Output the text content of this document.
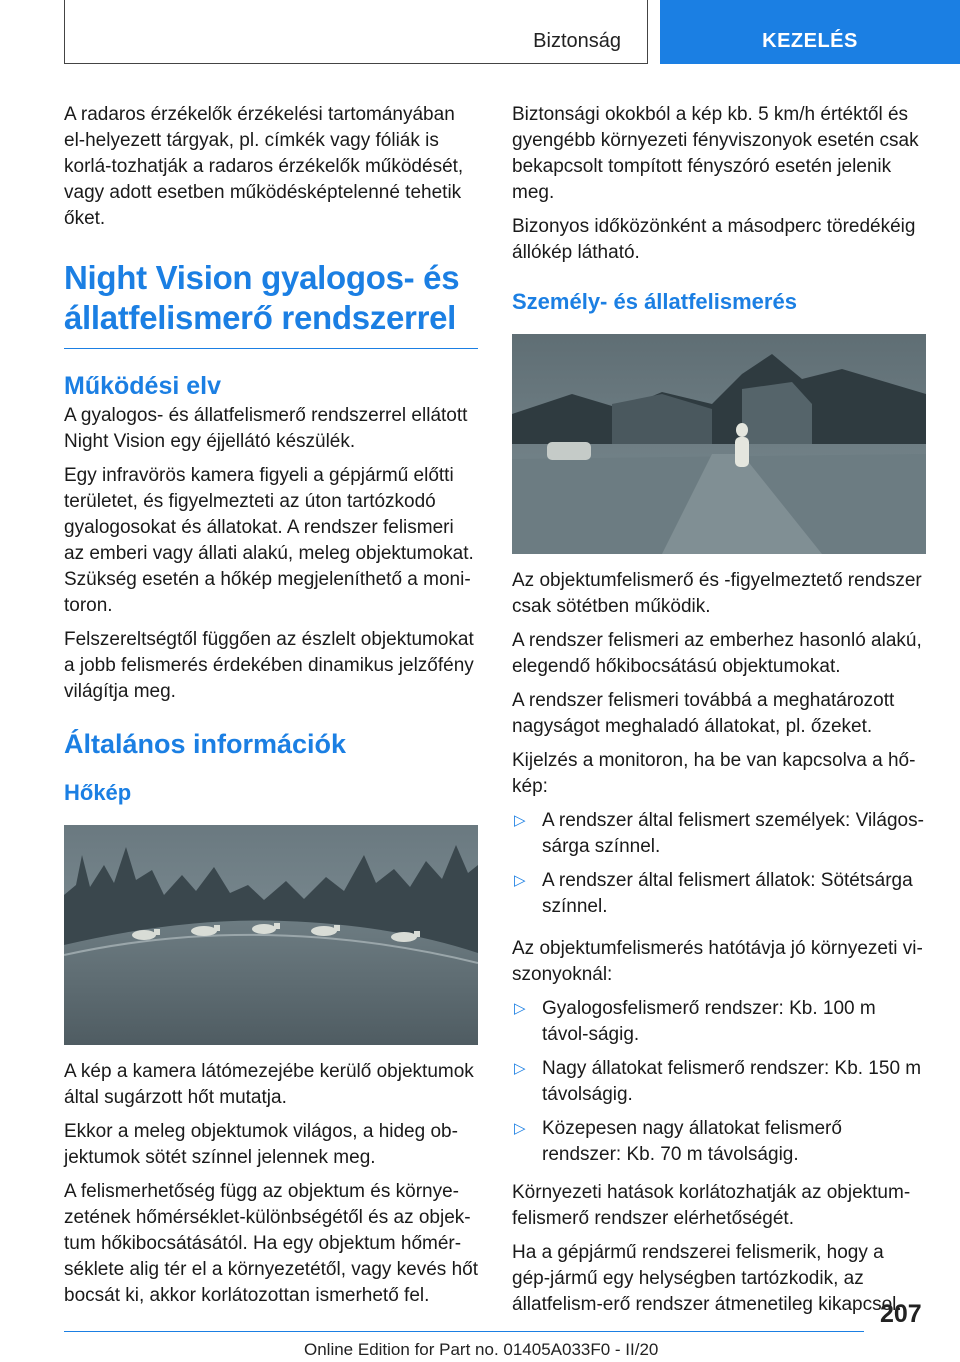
Biztonság	KEZELÉS

A radaros érzékelők érzékelési tartományában el-helyezett tárgyak, pl. címkék vagy fóliák is korlá-tozhatják a radaros érzékelők működését, vagy adott esetben működésképtelenné tehetik őket.

Night Vision gyalogos- és állatfelismerő rendszerrel
Működési elv

A gyalogos- és állatfelismerő rendszerrel ellátott Night Vision egy éjjellátó készülék.

Egy infravörös kamera figyeli a gépjármű előtti területet, és figyelmezteti az úton tartózkodó gyalogosokat és állatokat. A rendszer felismeri az emberi vagy állati alakú, meleg objektumokat. Szükség esetén a hőkép megjeleníthető a moni-toron.

Felszereltségtől függően az észlelt objektumokat a jobb felismerés érdekében dinamikus jelzőfény világítja meg.

Általános információk
Hőkép

A kép a kamera látómezejébe kerülő objektumok által sugárzott hőt mutatja.

Ekkor a meleg objektumok világos, a hideg ob-jektumok sötét színnel jelennek meg.

A felismerhetőség függ az objektum és környe-zetének hőmérséklet-különbségétől és az objek-tum hőkibocsátásától. Ha egy objektum hőmér-séklete alig tér el a környezetétől, vagy kevés hőt bocsát ki, akkor korlátozottan ismerhető fel.

Biztonsági okokból a kép kb. 5 km/h értéktől és gyengébb környezeti fényviszonyok esetén csak bekapcsolt tompított fényszóró esetén jelenik meg.

Bizonyos időközönként a másodperc töredékéig állókép látható.

Személy- és állatfelismerés

Az objektumfelismerő és -figyelmeztető rendszer csak sötétben működik.

A rendszer felismeri az emberhez hasonló alakú, elegendő hőkibocsátású objektumokat.

A rendszer felismeri továbbá a meghatározott nagyságot meghaladó állatokat, pl. őzeket.

Kijelzés a monitoron, ha be van kapcsolva a hő-kép:

▷ A rendszer által felismert személyek: Világos-sárga színnel.
▷ A rendszer által felismert állatok: Sötétsárga színnel.

Az objektumfelismerés hatótávja jó környezeti vi-szonyoknál:

▷ Gyalogosfelismerő rendszer: Kb. 100 m távol-ságig.
▷ Nagy állatokat felismerő rendszer: Kb. 150 m távolságig.
▷ Közepesen nagy állatokat felismerő rendszer: Kb. 70 m távolságig.

Környezeti hatások korlátozhatják az objektum-felismerő rendszer elérhetőségét.

Ha a gépjármű rendszerei felismerik, hogy a gép-jármű egy helységben tartózkodik, az állatfelism-erő rendszer átmenetileg kikapcsol.

207
Online Edition for Part no. 01405A033F0 - II/20
